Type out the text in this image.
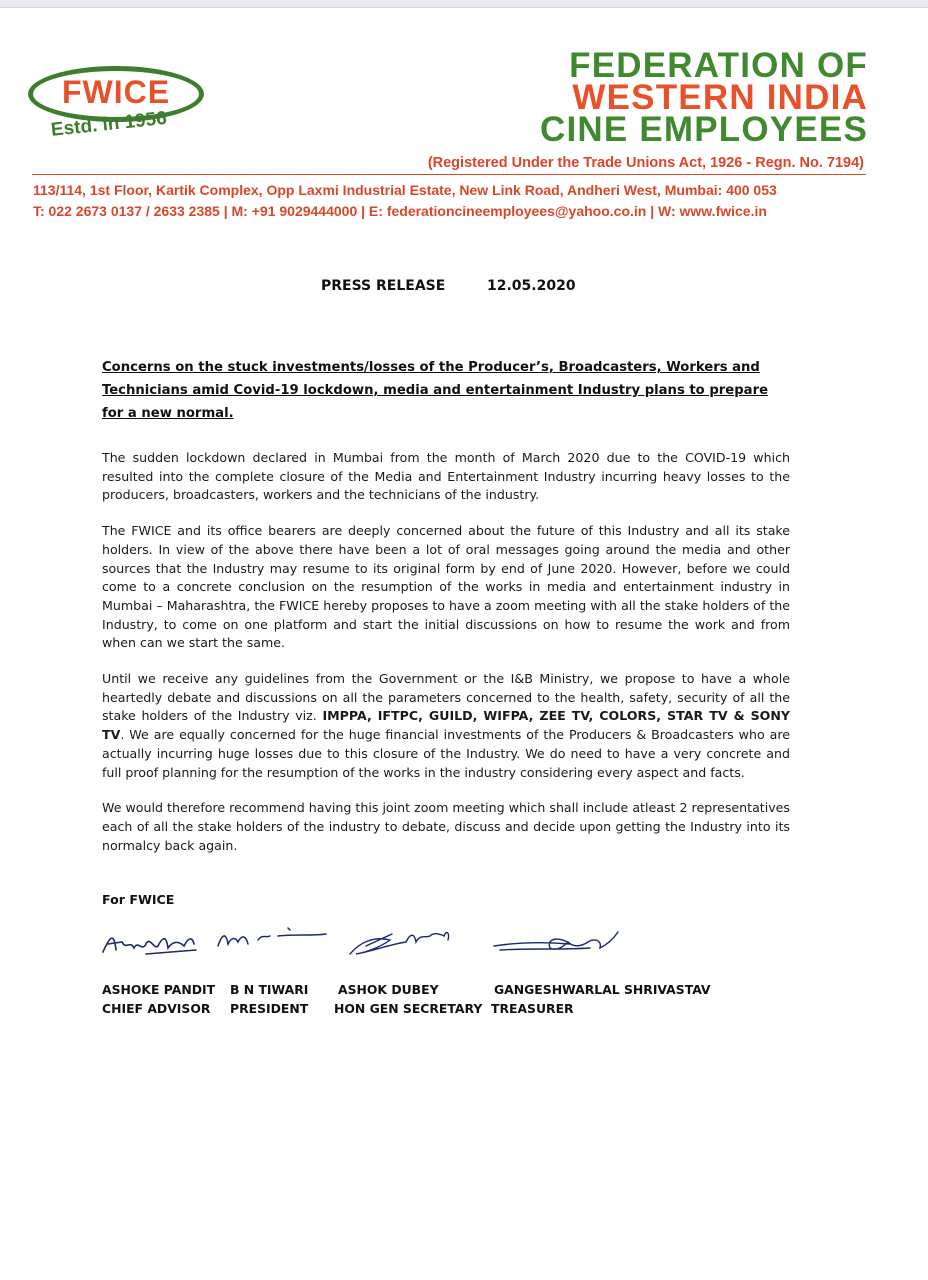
FWICE
Estd. in 1956
FEDERATION OF
WESTERN INDIA
CINE EMPLOYEES
(Registered Under the Trade Unions Act, 1926 - Regn. No. 7194)
113/114, 1st Floor, Kartik Complex, Opp Laxmi Industrial Estate, New Link Road, Andheri West, Mumbai: 400 053
T: 022 2673 0137 / 2633 2385 | M: +91 9029444000 | E: federationcineemployees@yahoo.co.in | W: www.fwice.in
PRESS RELEASE	12.05.2020

Concerns on the stuck investments/losses of the Producer’s, Broadcasters, Workers and Technicians amid Covid-19 lockdown, media and entertainment Industry plans to prepare for a new normal.

The sudden lockdown declared in Mumbai from the month of March 2020 due to the COVID-19 which resulted into the complete closure of the Media and Entertainment Industry incurring heavy losses to the producers, broadcasters, workers and the technicians of the industry.

The FWICE and its office bearers are deeply concerned about the future of this Industry and all its stake holders. In view of the above there have been a lot of oral messages going around the media and other sources that the Industry may resume to its original form by end of June 2020. However, before we could come to a concrete conclusion on the resumption of the works in media and entertainment industry in Mumbai – Maharashtra, the FWICE hereby proposes to have a zoom meeting with all the stake holders of the Industry, to come on one platform and start the initial discussions on how to resume the work and from when can we start the same.

Until we receive any guidelines from the Government or the I&B Ministry, we propose to have a whole heartedly debate and discussions on all the parameters concerned to the health, safety, security of all the stake holders of the Industry viz. IMPPA, IFTPC, GUILD, WIFPA, ZEE TV, COLORS, STAR TV & SONY TV. We are equally concerned for the huge financial investments of the Producers & Broadcasters who are actually incurring huge losses due to this closure of the Industry. We do need to have a very concrete and full proof planning for the resumption of the works in the industry considering every aspect and facts.

We would therefore recommend having this joint zoom meeting which shall include atleast 2 representatives each of all the stake holders of the industry to debate, discuss and decide upon getting the Industry into its normalcy back again.

For FWICE
ASHOKE PANDIT
CHIEF ADVISOR
B N TIWARI
PRESIDENT
ASHOK DUBEY
HON GEN SECRETARY
GANGESHWARLAL SHRIVASTAV
TREASURER
